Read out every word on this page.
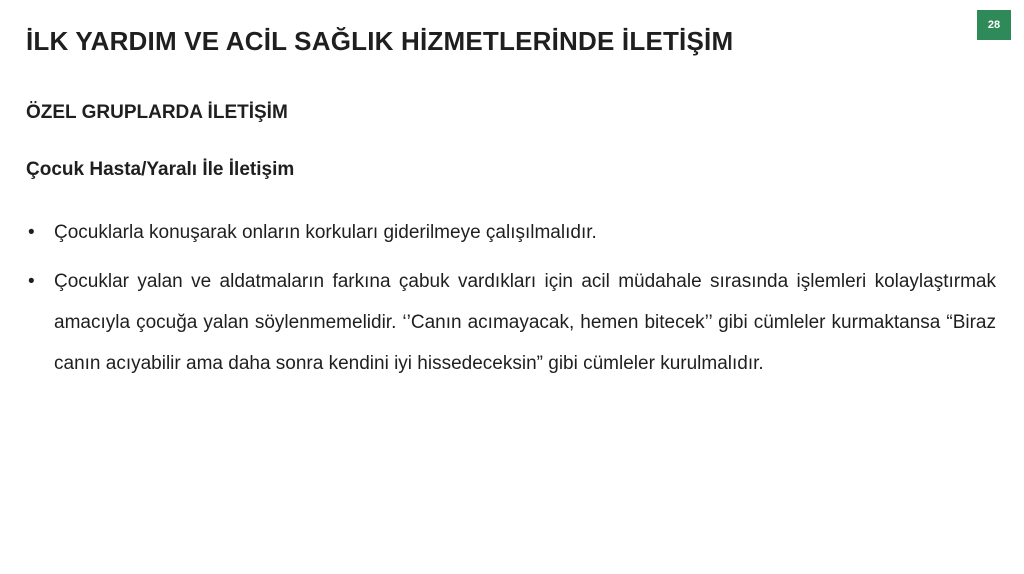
İLK YARDIM VE ACİL SAĞLIK HİZMETLERİNDE İLETİŞİM
28
ÖZEL GRUPLARDA İLETİŞİM
Çocuk Hasta/Yaralı İle İletişim
• Çocuklarla konuşarak onların korkuları giderilmeye çalışılmalıdır.
• Çocuklar yalan ve aldatmaların farkına çabuk vardıkları için acil müdahale sırasında işlemleri kolaylaştırmak amacıyla çocuğa yalan söylenmemelidir. ‘’Canın acımayacak, hemen bitecek’’ gibi cümleler kurmaktansa “Biraz canın acıyabilir ama daha sonra kendini iyi hissedeceksin” gibi cümleler kurulmalıdır.
